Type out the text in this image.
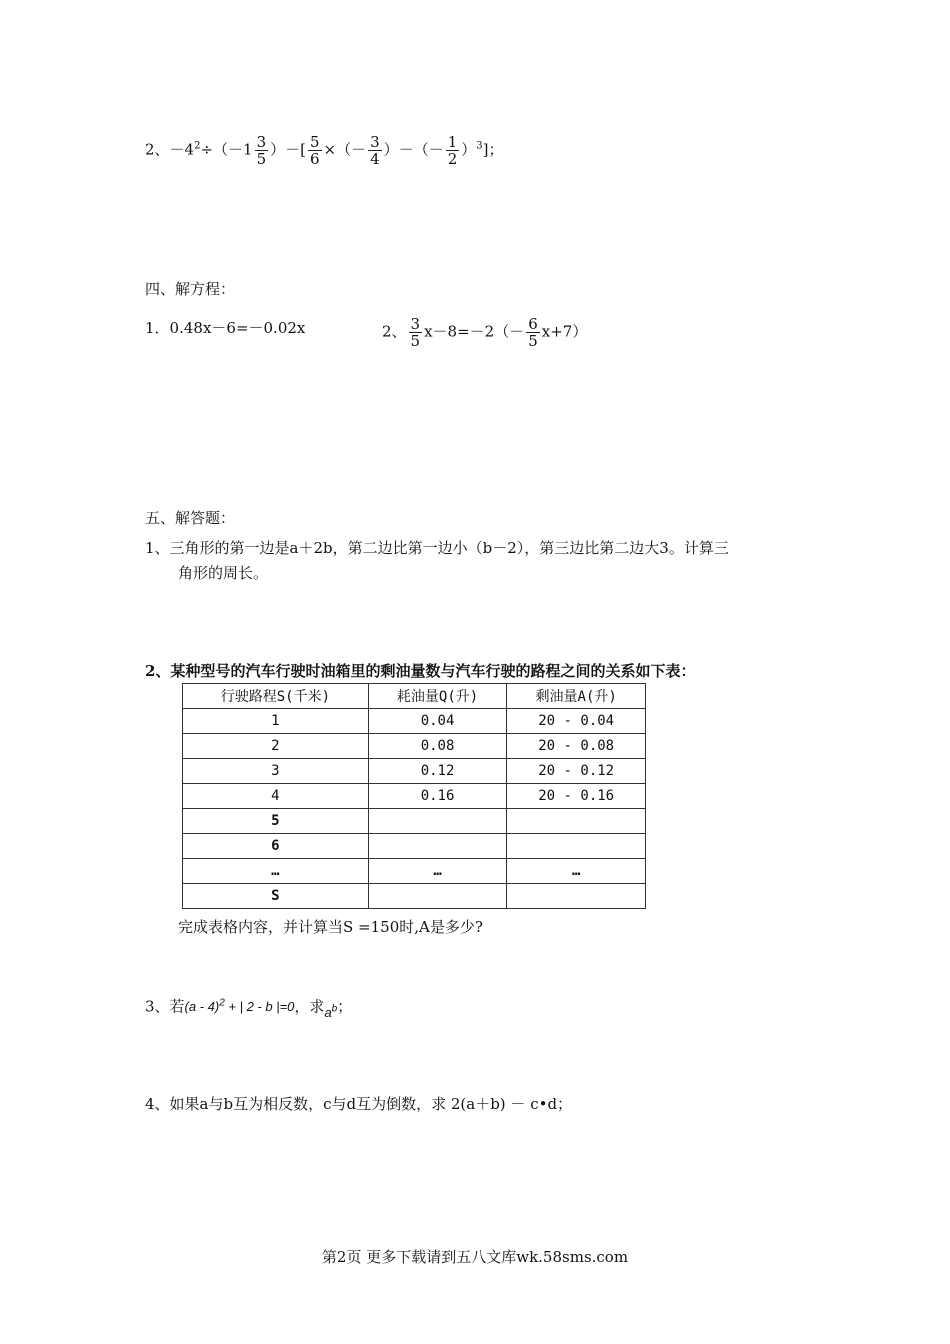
2、$-4^2\div(-1 \frac{3}{5}$ ）－[ $\frac{5}{6}$ ×（－ $\frac{3}{4}$ ）－（－ $\frac{1}{2} )^3$]；
四、解方程：
1．0.48x－6=－0.02x	2、 $\frac{3}{5} x-8=-2(- \frac{6}{5} x+7)$
五、解答题：
1、三角形的第一边是a＋2b，第二边比第一边小（b－2），第三边比第二边大3。计算三
角形的周长。
2、某种型号的汽车行驶时油箱里的剩油量数与汽车行驶的路程之间的关系如下表：
行驶路程S(千米)	耗油量Q(升)	剩油量A(升)
1	0.04	20 - 0.04
2	0.08	20 - 0.08
3	0.12	20 - 0.12
4	0.16	20 - 0.16
5		
6		
…	…	…
S		
完成表格内容，并计算当S =150时,A是多少?
3、若(a - 4)$^2$ + | 2 - b |=0，求$a^b$；
4、如果a与b互为相反数，c与d互为倒数，求 2(a＋b) － c•d；
第2页 更多下载请到五八文库wk.58sms.com
